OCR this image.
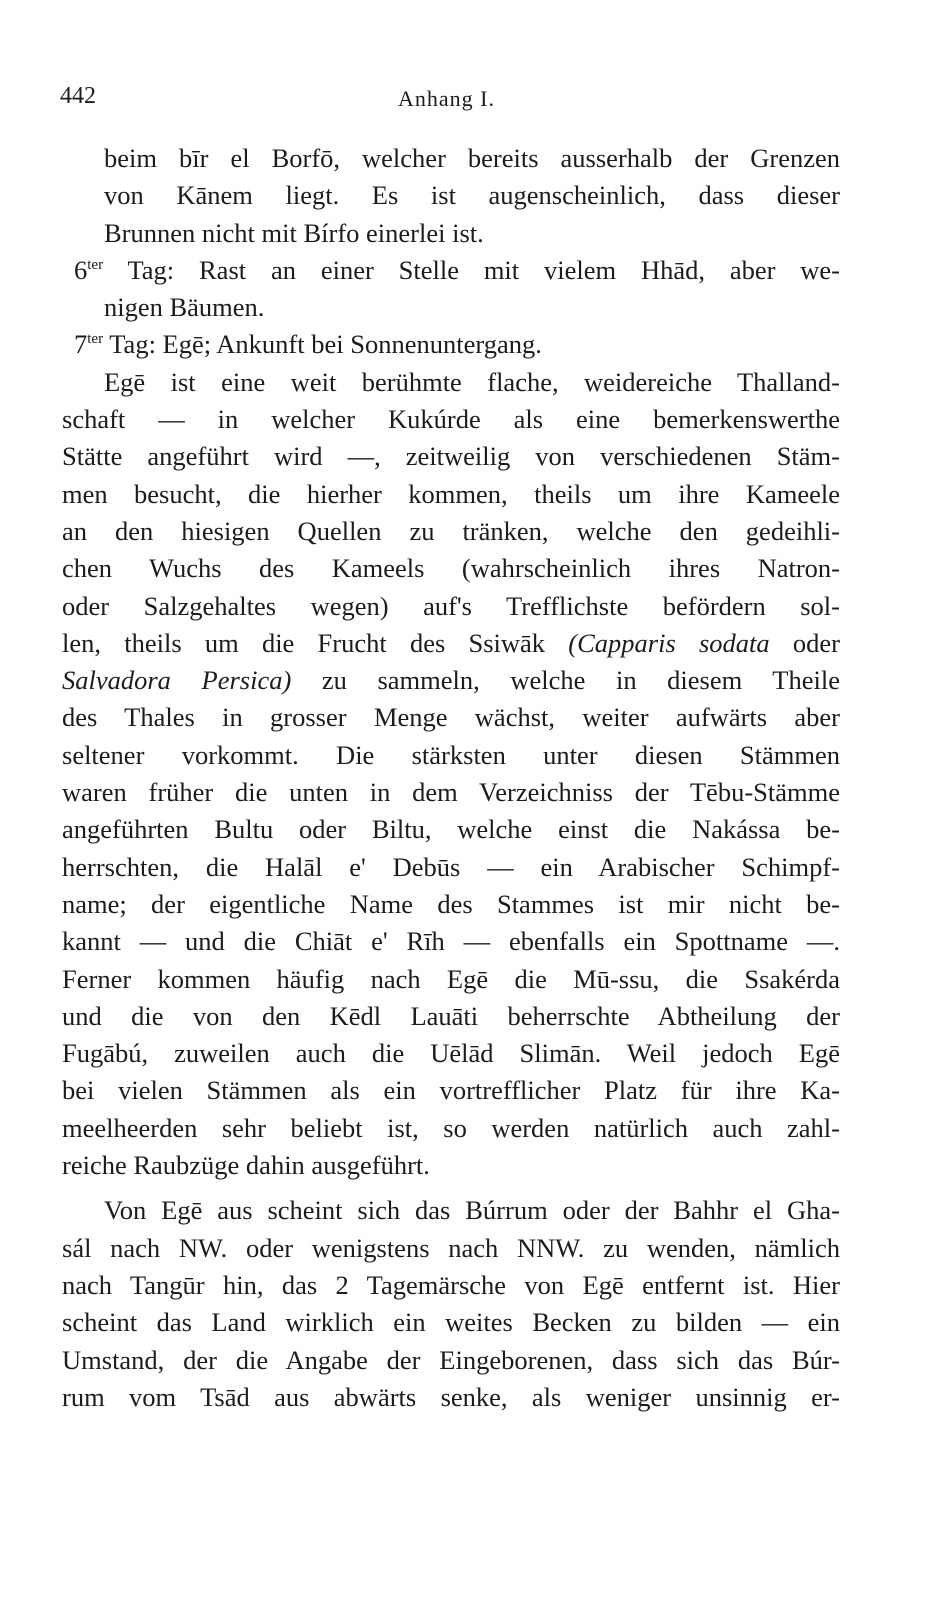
442	Anhang I.
beim bīr el Borfō, welcher bereits ausserhalb der Grenzen
von Kānem liegt. Es ist augenscheinlich, dass dieser
Brunnen nicht mit Bírfo einerlei ist.
$6^{ter}$ Tag: Rast an einer Stelle mit vielem Hhād, aber we-
nigen Bäumen.
$7^{ter}$ Tag: Egē; Ankunft bei Sonnenuntergang.
Egē ist eine weit berühmte flache, weidereiche Thalland-
schaft — in welcher Kukúrde als eine bemerkenswerthe
Stätte angeführt wird —, zeitweilig von verschiedenen Stäm-
men besucht, die hierher kommen, theils um ihre Kameele
an den hiesigen Quellen zu tränken, welche den gedeihli-
chen Wuchs des Kameels (wahrscheinlich ihres Natron-
oder Salzgehaltes wegen) auf's Trefflichste befördern sol-
len, theils um die Frucht des Ssiwāk (Capparis sodata oder
Salvadora Persica) zu sammeln, welche in diesem Theile
des Thales in grosser Menge wächst, weiter aufwärts aber
seltener vorkommt. Die stärksten unter diesen Stämmen
waren früher die unten in dem Verzeichniss der Tēbu-Stämme
angeführten Bultu oder Biltu, welche einst die Nakássa be-
herrschten, die Halāl e' Debūs — ein Arabischer Schimpf-
name; der eigentliche Name des Stammes ist mir nicht be-
kannt — und die Chiāt e' Rīh — ebenfalls ein Spottname —.
Ferner kommen häufig nach Egē die Mū-ssu, die Ssakérda
und die von den Kēdl Lauāti beherrschte Abtheilung der
Fugābú, zuweilen auch die Uēlād Slimān. Weil jedoch Egē
bei vielen Stämmen als ein vortrefflicher Platz für ihre Ka-
meelheerden sehr beliebt ist, so werden natürlich auch zahl-
reiche Raubzüge dahin ausgeführt.
Von Egē aus scheint sich das Búrrum oder der Bahhr el Gha-
sál nach NW. oder wenigstens nach NNW. zu wenden, nämlich
nach Tangūr hin, das 2 Tagemärsche von Egē entfernt ist. Hier
scheint das Land wirklich ein weites Becken zu bilden — ein
Umstand, der die Angabe der Eingeborenen, dass sich das Búr-
rum vom Tsād aus abwärts senke, als weniger unsinnig er-
